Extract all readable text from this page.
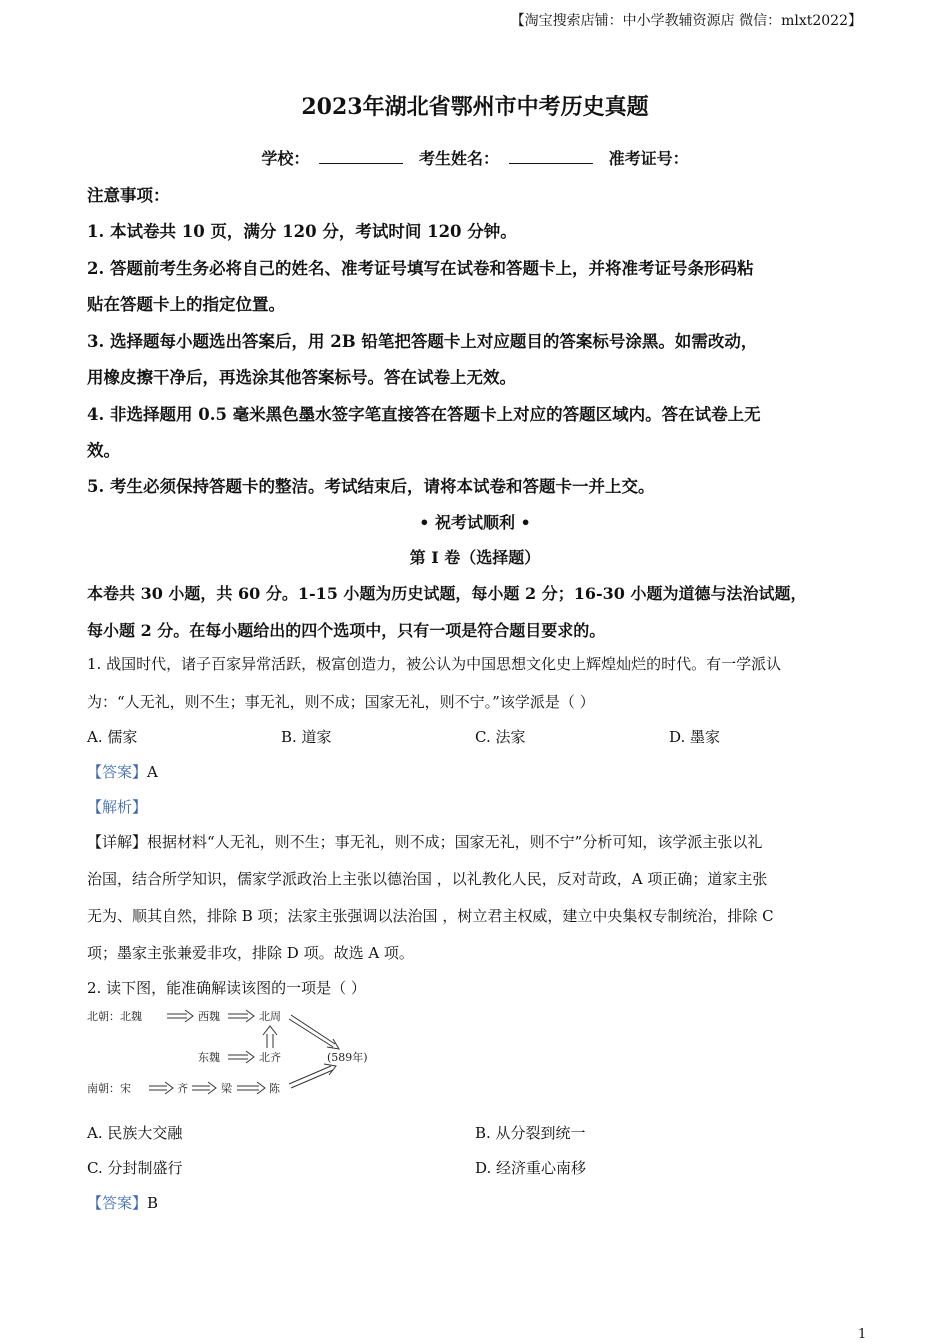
【淘宝搜索店铺：中小学教辅资源店 微信：mlxt2022】
2023年湖北省鄂州市中考历史真题
学校：	考生姓名：	准考证号：
注意事项：
1. 本试卷共 10 页，满分 120 分，考试时间 120 分钟。
2. 答题前考生务必将自己的姓名、准考证号填写在试卷和答题卡上，并将准考证号条形码粘
贴在答题卡上的指定位置。
3. 选择题每小题选出答案后，用 2B 铅笔把答题卡上对应题目的答案标号涂黑。如需改动，
用橡皮擦干净后，再选涂其他答案标号。答在试卷上无效。
4. 非选择题用 0.5 毫米黑色墨水签字笔直接答在答题卡上对应的答题区域内。答在试卷上无
效。
5. 考生必须保持答题卡的整洁。考试结束后，请将本试卷和答题卡一并上交。
• 祝考试顺利 •
第 I 卷（选择题）
本卷共 30 小题，共 60 分。1-15 小题为历史试题，每小题 2 分；16-30 小题为道德与法治试题，
每小题 2 分。在每小题给出的四个选项中，只有一项是符合题目要求的。
1. 战国时代，诸子百家异常活跃，极富创造力，被公认为中国思想文化史上辉煌灿烂的时代。有一学派认
为：“人无礼，则不生；事无礼，则不成；国家无礼，则不宁。”该学派是（ ）
A. 儒家	B. 道家	C. 法家	D. 墨家
【答案】A
【解析】
【详解】根据材料“人无礼，则不生；事无礼，则不成；国家无礼，则不宁”分析可知，该学派主张以礼
治国，结合所学知识，儒家学派政治上主张以德治国 ，以礼教化人民，反对苛政，A 项正确；道家主张
无为、顺其自然，排除 B 项；法家主张强调以法治国 ，树立君主权威，建立中央集权专制统治，排除 C
项；墨家主张兼爱非攻，排除 D 项。故选 A 项。
2. 读下图，能准确解读该图的一项是（ ）
北朝：北魏	西魏	北周
东魏	北齐	(589年)
南朝：宋	齐	梁	陈
A. 民族大交融	B. 从分裂到统一
C. 分封制盛行	D. 经济重心南移
【答案】B
1
